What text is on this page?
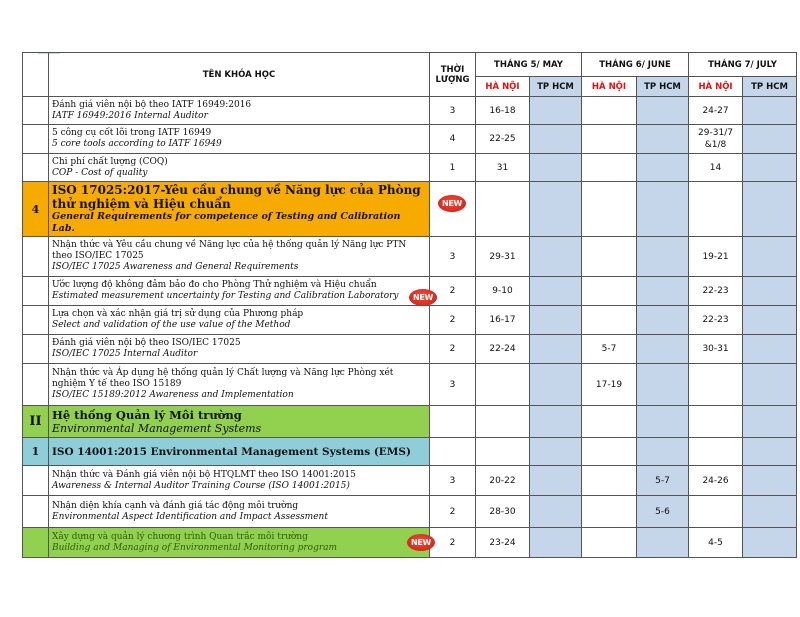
	TÊN KHÓA HỌC	THỜI LƯỢNG	THÁNG 5/ MAY		THÁNG 6/ JUNE		THÁNG 7/ JULY	
			HÀ NỘI	TP HCM	HÀ NỘI	TP HCM	HÀ NỘI	TP HCM

	Đánh giá viên nội bộ theo IATF 16949:2016
IATF 16949:2016 Internal Auditor	3	16-18				24-27	

	5 công cụ cốt lõi trong IATF 16949
5 core tools according to IATF 16949	4	22-25				29-31/7 &1/8	

	Chi phí chất lượng (COQ)
COP - Cost of quality	1	31				14	
4	ISO 17025:2017-Yêu cầu chung về Năng lực của Phòng thử nghiệm và Hiệu chuẩn
General Requirements for competence of Testing and Calibration Lab.	NEW						

	Nhận thức và Yêu cầu chung về Năng lực của hệ thống quản lý Năng lực PTN theo ISO/IEC 17025
ISO/IEC 17025 Awareness and General Requirements	3	29-31				19-21	

	Ước lượng độ không đảm bảo đo cho Phòng Thử nghiệm và Hiệu chuẩn
Estimated measurement uncertainty for Testing and Calibration Laboratory NEW	2	9-10				22-23	

	Lựa chọn và xác nhận giá trị sử dụng của Phương pháp
Select and validation of the use value of the Method	2	16-17				22-23	

	Đánh giá viên nội bộ theo ISO/IEC 17025
ISO/IEC 17025 Internal Auditor	2	22-24		5-7		30-31	

	Nhận thức và Áp dụng hệ thống quản lý Chất lượng và Năng lực Phòng xét nghiệm Y tế theo ISO 15189
ISO/IEC 15189:2012 Awareness and Implementation	3			17-19			
II	Hệ thống Quản lý Môi trường
Environmental Management Systems							

1	ISO 14001:2015 Environmental Management Systems (EMS)							

	Nhận thức và Đánh giá viên nội bộ HTQLMT theo ISO 14001:2015
Awareness & Internal Auditor Training Course (ISO 14001:2015)	3	20-22			5-7	24-26	

	Nhận diện khía cạnh và đánh giá tác động môi trường
Environmental Aspect Identification and Impact Assessment	2	28-30			5-6		

	Xây dựng và quản lý chương trình Quan trắc môi trường
Building and Managing of Environmental Monitoring program NEW	2	23-24				4-5	
